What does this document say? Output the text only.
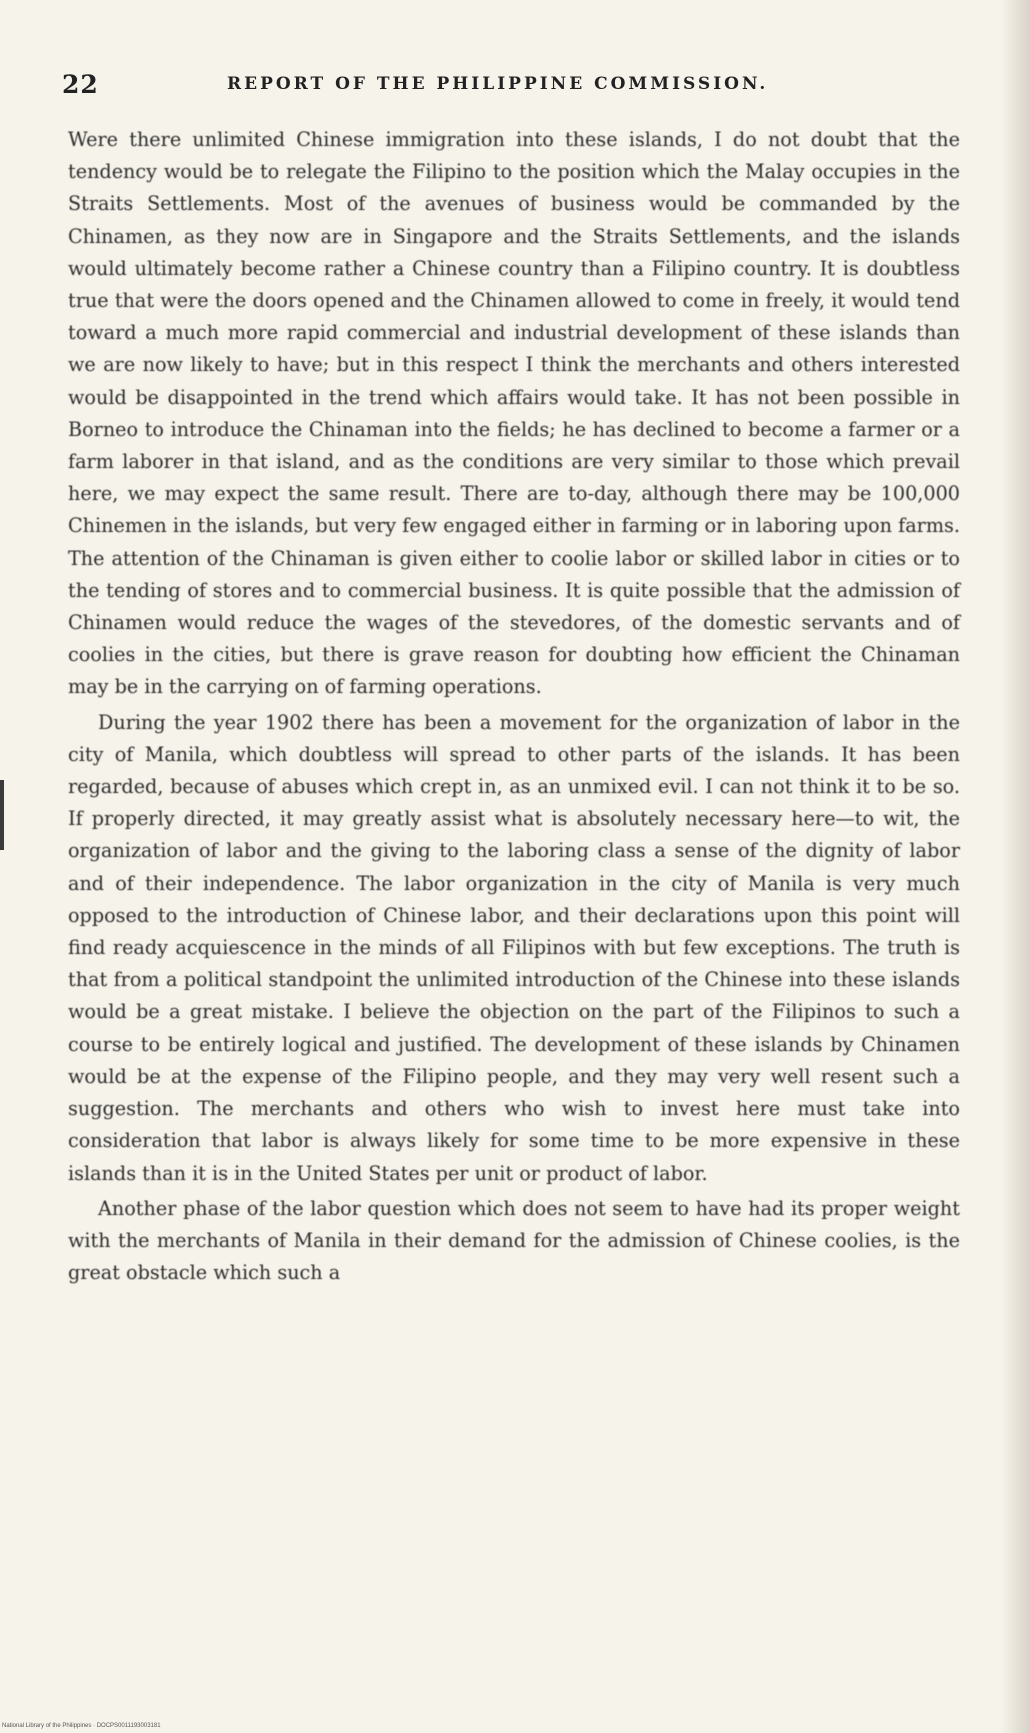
22	REPORT OF THE PHILIPPINE COMMISSION.

Were there unlimited Chinese immigration into these islands, I do not doubt that the tendency would be to relegate the Filipino to the position which the Malay occupies in the Straits Settlements. Most of the avenues of business would be commanded by the Chinamen, as they now are in Singapore and the Straits Settlements, and the islands would ultimately become rather a Chinese country than a Filipino country. It is doubtless true that were the doors opened and the Chinamen allowed to come in freely, it would tend toward a much more rapid commercial and industrial development of these islands than we are now likely to have; but in this respect I think the merchants and others interested would be disappointed in the trend which affairs would take. It has not been possible in Borneo to introduce the Chinaman into the fields; he has declined to become a farmer or a farm laborer in that island, and as the conditions are very similar to those which prevail here, we may expect the same result. There are to-day, although there may be 100,000 Chinemen in the islands, but very few engaged either in farming or in laboring upon farms. The attention of the Chinaman is given either to coolie labor or skilled labor in cities or to the tending of stores and to commercial business. It is quite possible that the admission of Chinamen would reduce the wages of the stevedores, of the domestic servants and of coolies in the cities, but there is grave reason for doubting how efficient the Chinaman may be in the carrying on of farming operations.

During the year 1902 there has been a movement for the organization of labor in the city of Manila, which doubtless will spread to other parts of the islands. It has been regarded, because of abuses which crept in, as an unmixed evil. I can not think it to be so. If properly directed, it may greatly assist what is absolutely necessary here—to wit, the organization of labor and the giving to the laboring class a sense of the dignity of labor and of their independence. The labor organization in the city of Manila is very much opposed to the introduction of Chinese labor, and their declarations upon this point will find ready acquiescence in the minds of all Filipinos with but few exceptions. The truth is that from a political standpoint the unlimited introduction of the Chinese into these islands would be a great mistake. I believe the objection on the part of the Filipinos to such a course to be entirely logical and justified. The development of these islands by Chinamen would be at the expense of the Filipino people, and they may very well resent such a suggestion. The merchants and others who wish to invest here must take into consideration that labor is always likely for some time to be more expensive in these islands than it is in the United States per unit or product of labor.

Another phase of the labor question which does not seem to have had its proper weight with the merchants of Manila in their demand for the admission of Chinese coolies, is the great obstacle which such a

National Library of the Philippines · DOCPS0011193003181
